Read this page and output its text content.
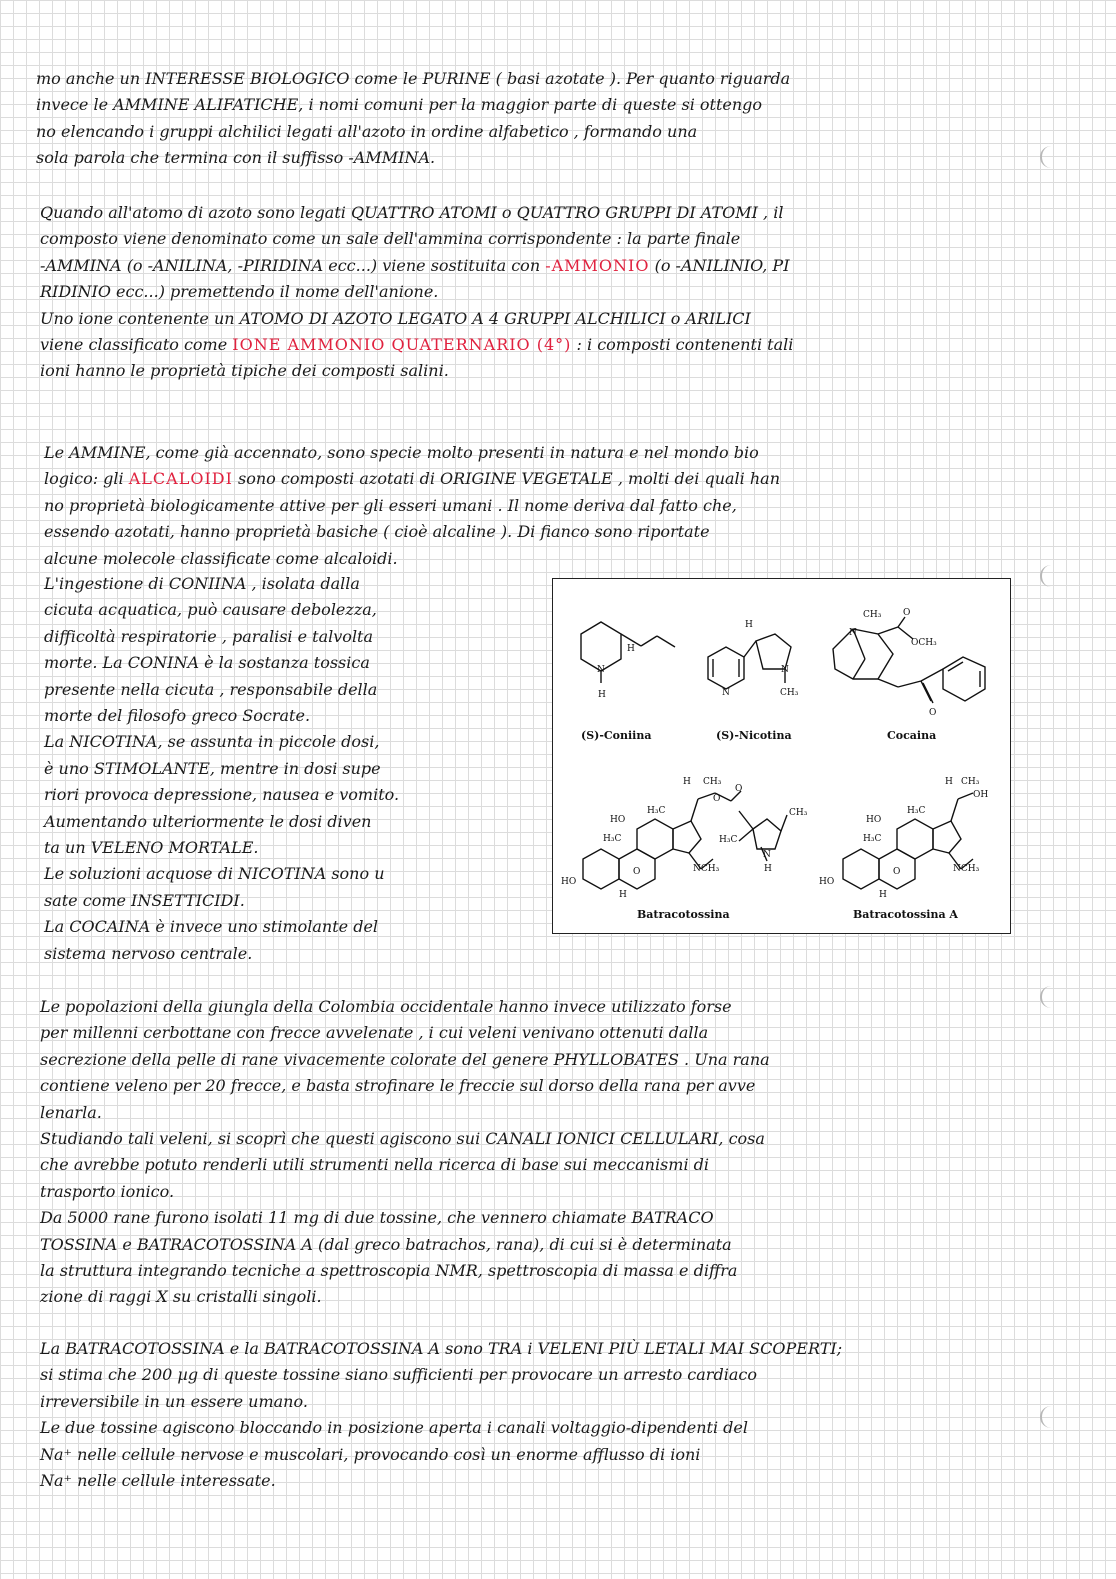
mo anche un INTERESSE BIOLOGICO come le PURINE ( basi azotate ). Per quanto riguarda
invece le AMMINE ALIFATICHE, i nomi comuni per la maggior parte di queste si ottengo
no elencando i gruppi alchilici legati all'azoto in ordine alfabetico , formando una
sola parola che termina con il suffisso -AMMINA.
Quando all'atomo di azoto sono legati QUATTRO ATOMI o QUATTRO GRUPPI DI ATOMI , il
composto viene denominato come un sale dell'ammina corrispondente : la parte finale
-AMMINA (o -ANILINA, -PIRIDINA ecc...) viene sostituita con -AMMONIO (o -ANILINIO, PI
RIDINIO ecc...) premettendo il nome dell'anione.
Uno ione contenente un ATOMO DI AZOTO LEGATO A 4 GRUPPI ALCHILICI o ARILICI
viene classificato come IONE AMMONIO QUATERNARIO (4°) : i composti contenenti tali
ioni hanno le proprietà tipiche dei composti salini.
Le AMMINE, come già accennato, sono specie molto presenti in natura e nel mondo bio
logico: gli ALCALOIDI sono composti azotati di ORIGINE VEGETALE , molti dei quali han
no proprietà biologicamente attive per gli esseri umani . Il nome deriva dal fatto che,
essendo azotati, hanno proprietà basiche ( cioè alcaline ). Di fianco sono riportate
alcune molecole classificate come alcaloidi.
L'ingestione di CONIINA , isolata dalla
cicuta acquatica, può causare debolezza,
difficoltà respiratorie , paralisi e talvolta
morte. La CONINA è la sostanza tossica
presente nella cicuta , responsabile della
morte del filosofo greco Socrate.
La NICOTINA, se assunta in piccole dosi,
è uno STIMOLANTE, mentre in dosi supe
riori provoca depressione, nausea e vomito.
Aumentando ulteriormente le dosi diven
ta un VELENO MORTALE.
Le soluzioni acquose di NICOTINA sono u
sate come INSETTICIDI.
La COCAINA è invece uno stimolante del
sistema nervoso centrale.
Le popolazioni della giungla della Colombia occidentale hanno invece utilizzato forse
per millenni cerbottane con frecce avvelenate , i cui veleni venivano ottenuti dalla
secrezione della pelle di rane vivacemente colorate del genere PHYLLOBATES . Una rana
contiene veleno per 20 frecce, e basta strofinare le freccie sul dorso della rana per avve
lenarla.
Studiando tali veleni, si scoprì che questi agiscono sui CANALI IONICI CELLULARI, cosa
che avrebbe potuto renderli utili strumenti nella ricerca di base sui meccanismi di
trasporto ionico.
Da 5000 rane furono isolati 11 mg di due tossine, che vennero chiamate BATRACO
TOSSINA e BATRACOTOSSINA A (dal greco batrachos, rana), di cui si è determinata
la struttura integrando tecniche a spettroscopia NMR, spettroscopia di massa e diffra
zione di raggi X su cristalli singoli.
La BATRACOTOSSINA e la BATRACOTOSSINA A sono TRA i VELENI PIÙ LETALI MAI SCOPERTI;
si stima che 200 µg di queste tossine siano sufficienti per provocare un arresto cardiaco
irreversibile in un essere umano.
Le due tossine agiscono bloccando in posizione aperta i canali voltaggio-dipendenti del
Na⁺ nelle cellule nervose e muscolari, provocando così un enorme afflusso di ioni
Na⁺ nelle cellule interessate.
N
H
H
(S)-Coniina
N
N
CH₃
H
(S)-Nicotina
N
CH₃ O
OCH₃
O
Cocaina
HO
HO
H₃C
H₃C
O	NCH₃
H
H CH₃
O
O
CH₃
H₃C
N
H
Batracotossina
HO
HO
H₃C
H₃C
O	NCH₃
H
H CH₃
OH
Batracotossina A
